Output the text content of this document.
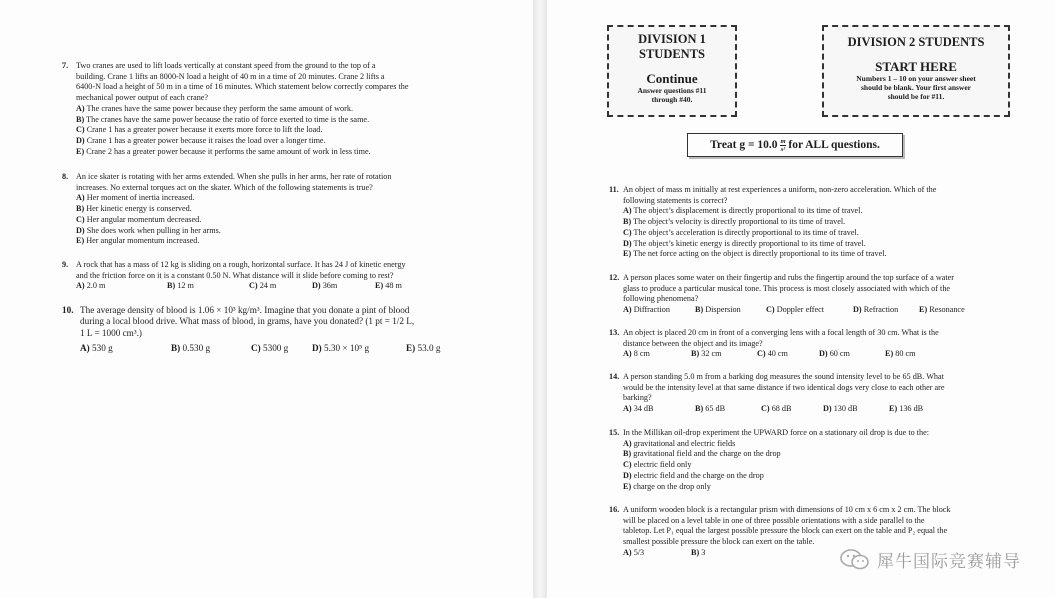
7. Two cranes are used to lift loads vertically at constant speed from the ground to the top of a
building. Crane 1 lifts an 8000-N load a height of 40 m in a time of 20 minutes. Crane 2 lifts a
6400-N load a height of 50 m in a time of 16 minutes. Which statement below correctly compares the
mechanical power output of each crane?
A) The cranes have the same power because they perform the same amount of work.
B) The cranes have the same power because the ratio of force exerted to time is the same.
C) Crane 1 has a greater power because it exerts more force to lift the load.
D) Crane 1 has a greater power because it raises the load over a longer time.
E) Crane 2 has a greater power because it performs the same amount of work in less time.
8. An ice skater is rotating with her arms extended. When she pulls in her arms, her rate of rotation
increases. No external torques act on the skater. Which of the following statements is true?
A) Her moment of inertia increased.
B) Her kinetic energy is conserved.
C) Her angular momentum decreased.
D) She does work when pulling in her arms.
E) Her angular momentum increased.
9. A rock that has a mass of 12 kg is sliding on a rough, horizontal surface. It has 24 J of kinetic energy
and the friction force on it is a constant 0.50 N. What distance will it slide before coming to rest?
A) 2.0 m	B) 12 m	C) 24 m	D) 36m	E) 48 m
10. The average density of blood is 1.06 × 10³ kg/m³. Imagine that you donate a pint of blood
during a local blood drive. What mass of blood, in grams, have you donated? (1 pt = 1/2 L,
1 L = 1000 cm³.)
A) 530 g	B) 0.530 g	C) 5300 g	D) 5.30 × 10⁵ g	E) 53.0 g
DIVISION 1
STUDENTS
Continue
Answer questions #11
through #40.
DIVISION 2 STUDENTS
START HERE
Numbers 1 – 10 on your answer sheet
should be blank. Your first answer
should be for #11.
Treat $g = 10.0 \frac{m}{\text{s²}}$ for ALL questions.
11. An object of mass m initially at rest experiences a uniform, non-zero acceleration. Which of the
following statements is correct?
A) The object’s displacement is directly proportional to its time of travel.
B) The object’s velocity is directly proportional to its time of travel.
C) The object’s acceleration is directly proportional to its time of travel.
D) The object’s kinetic energy is directly proportional to its time of travel.
E) The net force acting on the object is directly proportional to its time of travel.
12. A person places some water on their fingertip and rubs the fingertip around the top surface of a water
glass to produce a particular musical tone. This process is most closely associated with which of the
following phenomena?
A) Diffraction	B) Dispersion	C) Doppler effect	D) Refraction	E) Resonance
13. An object is placed 20 cm in front of a converging lens with a focal length of 30 cm. What is the
distance between the object and its image?
A) 8 cm	B) 32 cm	C) 40 cm	D) 60 cm	E) 80 cm
14. A person standing 5.0 m from a barking dog measures the sound intensity level to be 65 dB. What
would be the intensity level at that same distance if two identical dogs very close to each other are
barking?
A) 34 dB	B) 65 dB	C) 68 dB	D) 130 dB	E) 136 dB
15. In the Millikan oil-drop experiment the UPWARD force on a stationary oil drop is due to the:
A) gravitational and electric fields
B) gravitational field and the charge on the drop
C) electric field only
D) electric field and the charge on the drop
E) charge on the drop only
16. A uniform wooden block is a rectangular prism with dimensions of 10 cm x 6 cm x 2 cm. The block
will be placed on a level table in one of three possible orientations with a side parallel to the
tabletop. Let P₁ equal the largest possible pressure the block can exert on the table and P₂ equal the
smallest possible pressure the block can exert on the table.
A) 5/3	B) 3	犀牛国际竞赛辅导
